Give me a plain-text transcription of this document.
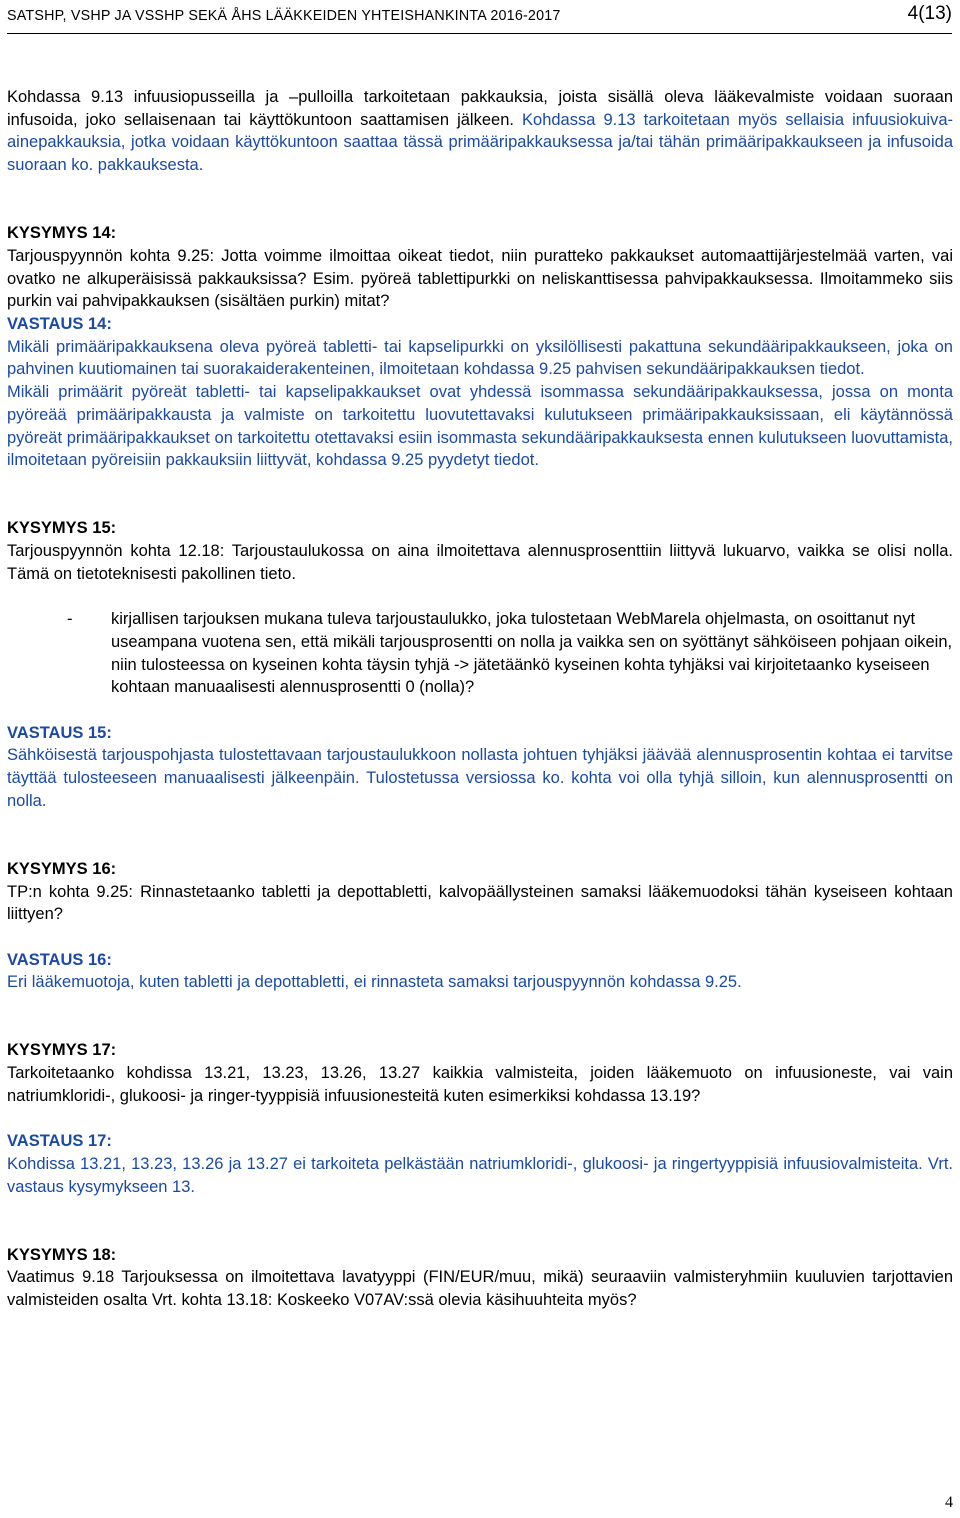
SATSHP, VSHP JA VSSHP SEKÄ ÅHS LÄÄKKEIDEN YHTEISHANKINTA 2016-2017	4(13)

Kohdassa 9.13 infuusiopusseilla ja –pulloilla tarkoitetaan pakkauksia, joista sisällä oleva lääkevalmiste voidaan suoraan infusoida, joko sellaisenaan tai käyttökuntoon saattamisen jälkeen. Kohdassa 9.13 tarkoitetaan myös sellaisia infuusiokuiva-ainepakkauksia, jotka voidaan käyttökuntoon saattaa tässä primääripakkauksessa ja/tai tähän primääripakkaukseen ja infusoida suoraan ko. pakkauksesta.

KYSYMYS 14:

Tarjouspyynnön kohta 9.25: Jotta voimme ilmoittaa oikeat tiedot, niin puratteko pakkaukset automaattijärjestelmää varten, vai ovatko ne alkuperäisissä pakkauksissa? Esim. pyöreä tablettipurkki on neliskanttisessa pahvipakkauksessa. Ilmoitammeko siis purkin vai pahvipakkauksen (sisältäen purkin) mitat?

VASTAUS 14:

Mikäli primääripakkauksena oleva pyöreä tabletti- tai kapselipurkki on yksilöllisesti pakattuna sekundääripakkaukseen, joka on pahvinen kuutiomainen tai suorakaiderakenteinen, ilmoitetaan kohdassa 9.25 pahvisen sekundääripakkauksen tiedot.

Mikäli primäärit pyöreät tabletti- tai kapselipakkaukset ovat yhdessä isommassa sekundääripakkauksessa, jossa on monta pyöreää primääripakkausta ja valmiste on tarkoitettu luovutettavaksi kulutukseen primääripakkauksissaan, eli käytännössä pyöreät primääripakkaukset on tarkoitettu otettavaksi esiin isommasta sekundääripakkauksesta ennen kulutukseen luovuttamista, ilmoitetaan pyöreisiin pakkauksiin liittyvät, kohdassa 9.25 pyydetyt tiedot.

KYSYMYS 15:

Tarjouspyynnön kohta 12.18: Tarjoustaulukossa on aina ilmoitettava alennusprosenttiin liittyvä lukuarvo, vaikka se olisi nolla. Tämä on tietoteknisesti pakollinen tieto.

- kirjallisen tarjouksen mukana tuleva tarjoustaulukko, joka tulostetaan WebMarela ohjelmasta, on osoittanut nyt useampana vuotena sen, että mikäli tarjousprosentti on nolla ja vaikka sen on syöttänyt sähköiseen pohjaan oikein, niin tulosteessa on kyseinen kohta täysin tyhjä -> jätetäänkö kyseinen kohta tyhjäksi vai kirjoitetaanko kyseiseen kohtaan manuaalisesti alennusprosentti 0 (nolla)?

VASTAUS 15:

Sähköisestä tarjouspohjasta tulostettavaan tarjoustaulukkoon nollasta johtuen tyhjäksi jäävää alennusprosentin kohtaa ei tarvitse täyttää tulosteeseen manuaalisesti jälkeenpäin. Tulostetussa versiossa ko. kohta voi olla tyhjä silloin, kun alennusprosentti on nolla.

KYSYMYS 16:

TP:n kohta 9.25: Rinnastetaanko tabletti ja depottabletti, kalvopäällysteinen samaksi lääkemuodoksi tähän kyseiseen kohtaan liittyen?

VASTAUS 16:

Eri lääkemuotoja, kuten tabletti ja depottabletti, ei rinnasteta samaksi tarjouspyynnön kohdassa 9.25.

KYSYMYS 17:

Tarkoitetaanko kohdissa 13.21, 13.23, 13.26, 13.27 kaikkia valmisteita, joiden lääkemuoto on infuusioneste, vai vain natriumkloridi-, glukoosi- ja ringer-tyyppisiä infuusionesteitä kuten esimerkiksi kohdassa 13.19?

VASTAUS 17:

Kohdissa 13.21, 13.23, 13.26 ja 13.27 ei tarkoiteta pelkästään natriumkloridi-, glukoosi- ja ringertyyppisiä infuusiovalmisteita. Vrt. vastaus kysymykseen 13.

KYSYMYS 18:

Vaatimus 9.18 Tarjouksessa on ilmoitettava lavatyyppi (FIN/EUR/muu, mikä) seuraaviin valmisteryhmiin kuuluvien tarjottavien valmisteiden osalta Vrt. kohta 13.18: Koskeeko V07AV:ssä olevia käsihuuhteita myös?

4
